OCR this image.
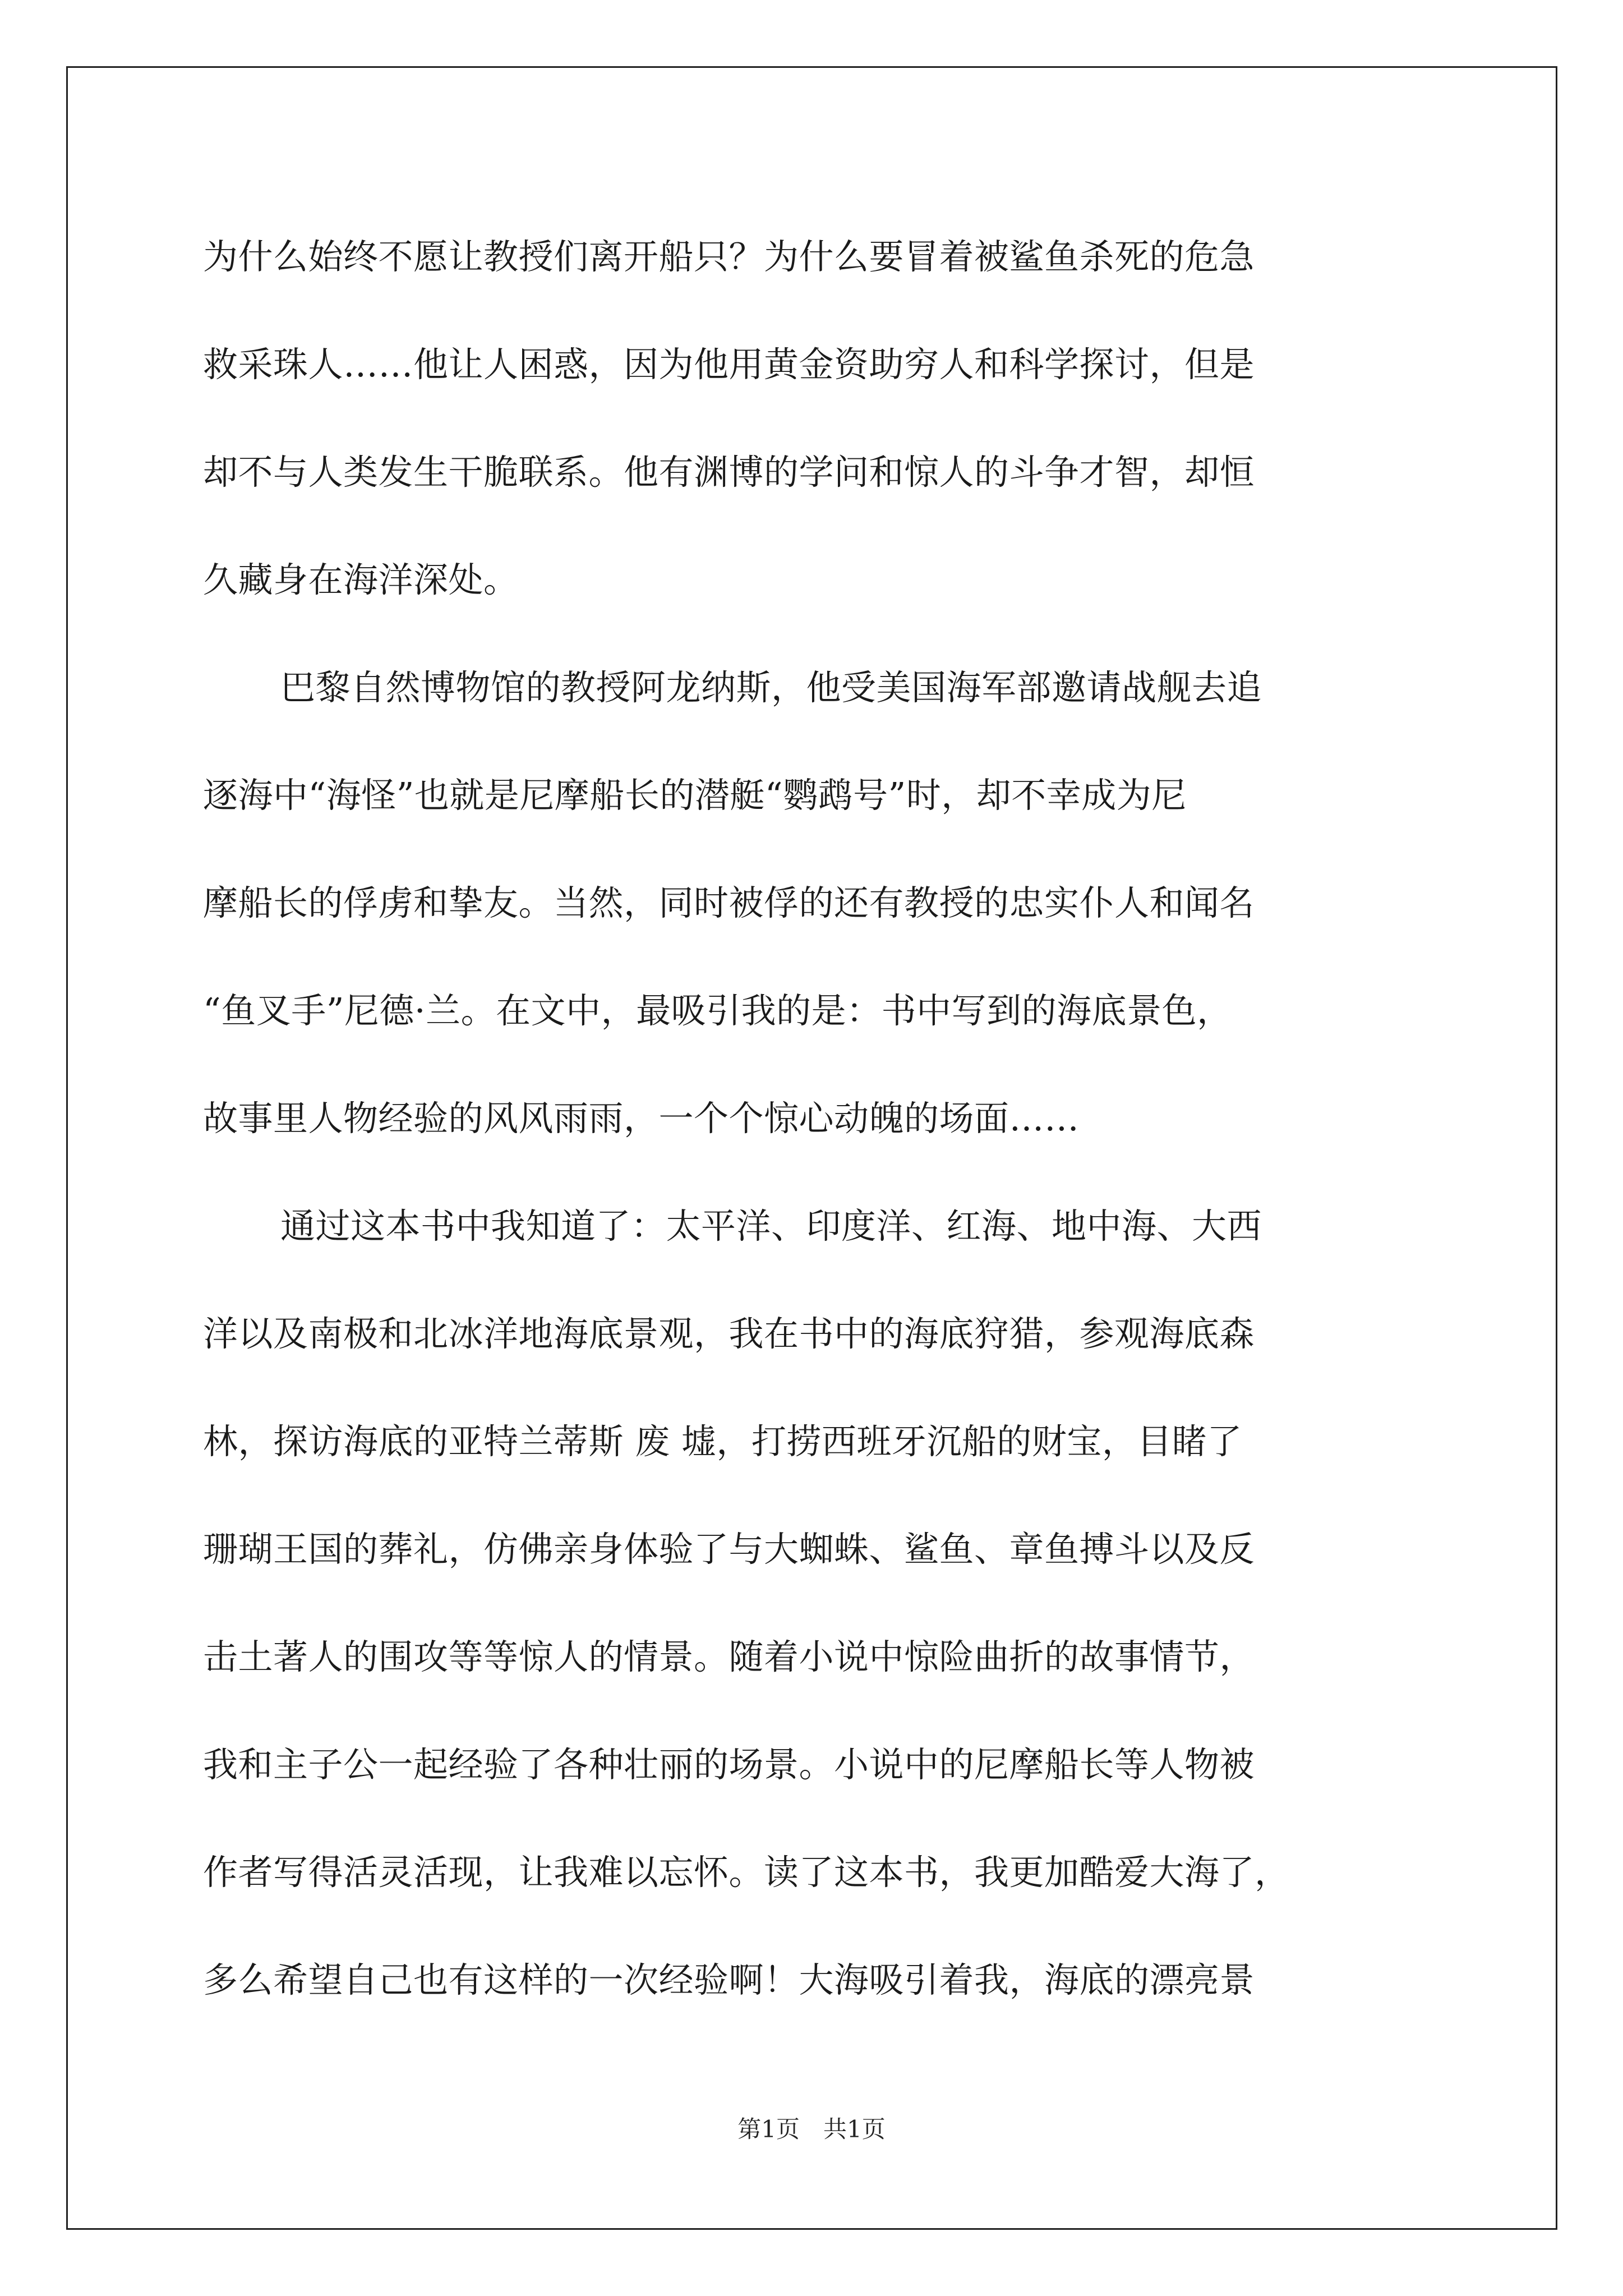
为什么始终不愿让教授们离开船只？为什么要冒着被鲨鱼杀死的危急
救采珠人……他让人困惑，因为他用黄金资助穷人和科学探讨，但是
却不与人类发生干脆联系。他有渊博的学问和惊人的斗争才智，却恒
久藏身在海洋深处。
巴黎自然博物馆的教授阿龙纳斯，他受美国海军部邀请战舰去追
逐海中“海怪”也就是尼摩船长的潜艇“鹦鹉号”时，却不幸成为尼
摩船长的俘虏和挚友。当然，同时被俘的还有教授的忠实仆人和闻名
“鱼叉手”尼德·兰。在文中，最吸引我的是：书中写到的海底景色，
故事里人物经验的风风雨雨，一个个惊心动魄的场面……
通过这本书中我知道了：太平洋、印度洋、红海、地中海、大西
洋以及南极和北冰洋地海底景观，我在书中的海底狩猎，参观海底森
林，探访海底的亚特兰蒂斯 废 墟，打捞西班牙沉船的财宝，目睹了
珊瑚王国的葬礼，仿佛亲身体验了与大蜘蛛、鲨鱼、章鱼搏斗以及反
击土著人的围攻等等惊人的情景。随着小说中惊险曲折的故事情节，
我和主子公一起经验了各种壮丽的场景。小说中的尼摩船长等人物被
作者写得活灵活现，让我难以忘怀。读了这本书，我更加酷爱大海了，
多么希望自己也有这样的一次经验啊！大海吸引着我，海底的漂亮景
第1页　共1页
